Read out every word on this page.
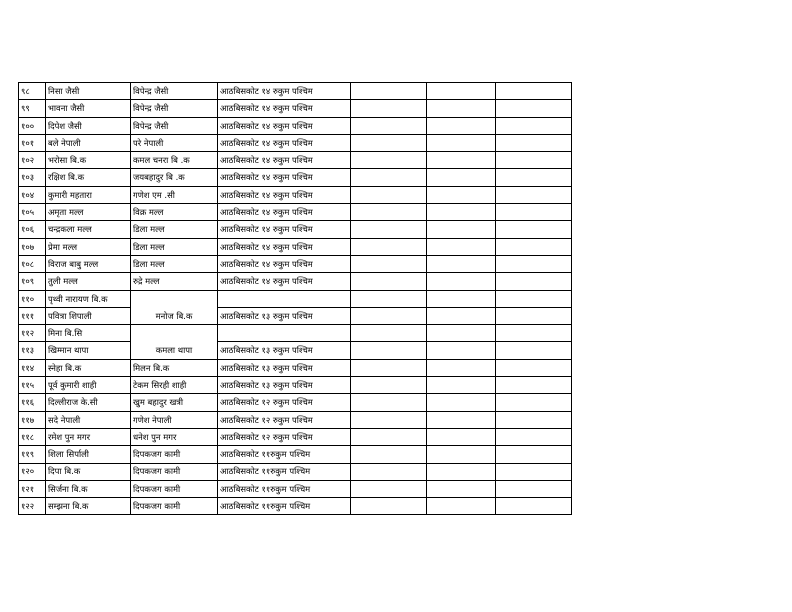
९८	निसा जैसी	विपेन्द्र जैसी	आठबिसकोट १४ रुकुम पश्चिम			
९९	भावना जैसी	विपेन्द्र जैसी	आठबिसकोट १४ रुकुम पश्चिम			
१००	दिपेश जैसी	विपेन्द्र जैसी	आठबिसकोट १४ रुकुम पश्चिम			
१०१	बले नेपाली	परे नेपाली	आठबिसकोट १४ रुकुम पश्चिम			
१०२	भरोसा बि.क	कमल चनरा बि .क	आठबिसकोट १४ रुकुम पश्चिम			
१०३	रक्षिश बि.क	जयबहादुर बि .क	आठबिसकोट १४ रुकुम पश्चिम			
१०४	कुमारी महतारा	गणेश एम .सी	आठबिसकोट १४ रुकुम पश्चिम			
१०५	अमृता मल्ल	विक्र मल्ल	आठबिसकोट १४ रुकुम पश्चिम			
१०६	चन्द्रकला मल्ल	डिला मल्ल	आठबिसकोट १४ रुकुम पश्चिम			
१०७	प्रेमा मल्ल	डिला मल्ल	आठबिसकोट १४ रुकुम पश्चिम			
१०८	विराज बाबु मल्ल	डिला मल्ल	आठबिसकोट १४ रुकुम पश्चिम			
१०९	तुली मल्ल	रुद्रे मल्ल	आठबिसकोट १४ रुकुम पश्चिम			
११०	पृथ्वी नारायण बि.क	मनोज बि.क				
१११	पवित्रा शिपाली		आठबिसकोट १३ रुकुम पश्चिम			
११२	मिना बि.सि	कमला थापा				
११३	खिम्मान थापा		आठबिसकोट १३ रुकुम पश्चिम			
११४	स्नेहा बि.क	मिलन बि.क	आठबिसकोट १३ रुकुम पश्चिम			
११५	पूर्व कुमारी शाही	टेकम सिरही शाही	आठबिसकोट १३ रुकुम पश्चिम			
११६	दिल्लीराज के.सी	खुम बहादुर खत्री	आठबिसकोट १२ रुकुम पश्चिम			
११७	सदे नेपाली	गणेश नेपाली	आठबिसकोट १२ रुकुम पश्चिम			
११८	रमेश पुन मगर	धनेश पुन मगर	आठबिसकोट १२ रुकुम पश्चिम			
११९	शिला सिर्पाली	दिपकजग कामी	आठबिसकोट ११रुकुम पश्चिम			
१२०	दिपा बि.क	दिपकजग कामी	आठबिसकोट ११रुकुम पश्चिम			
१२१	सिर्जना बि.क	दिपकजग कामी	आठबिसकोट ११रुकुम पश्चिम			
१२२	सम्झना बि.क	दिपकजग कामी	आठबिसकोट ११रुकुम पश्चिम			
